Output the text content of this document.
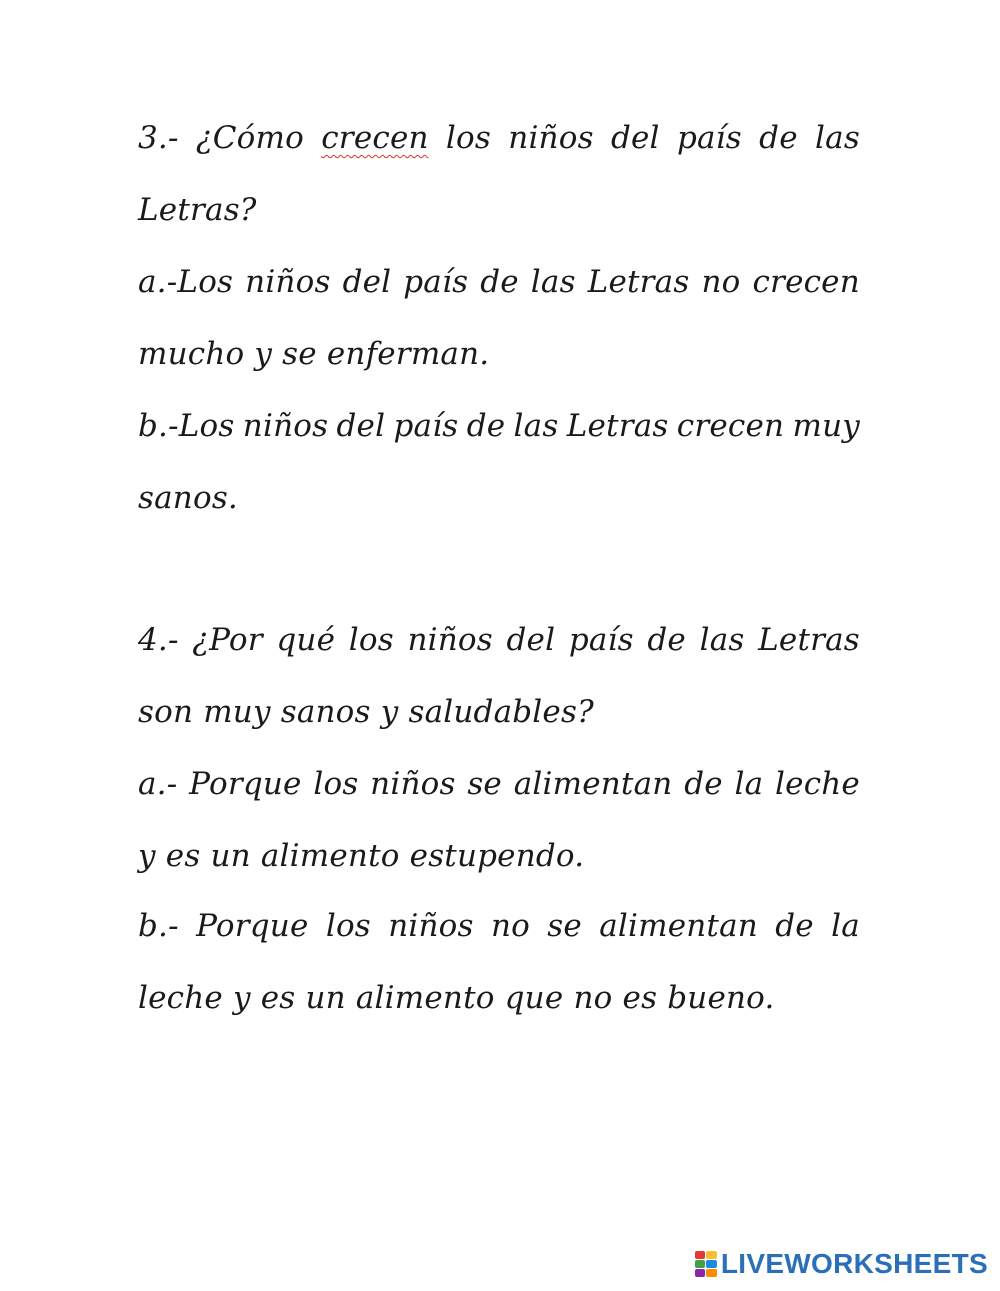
3.- ¿Cómo crecen los niños del país de las
Letras?
a.-Los niños del país de las Letras no crecen
mucho y se enferman.
b.-Los niños del país de las Letras crecen muy
sanos.
4.- ¿Por qué los niños del país de las Letras
son muy sanos y saludables?
a.- Porque los niños se alimentan de la leche
y es un alimento estupendo.
b.- Porque los niños no se alimentan de la
leche y es un alimento que no es bueno.
LIVEWORKSHEETS
